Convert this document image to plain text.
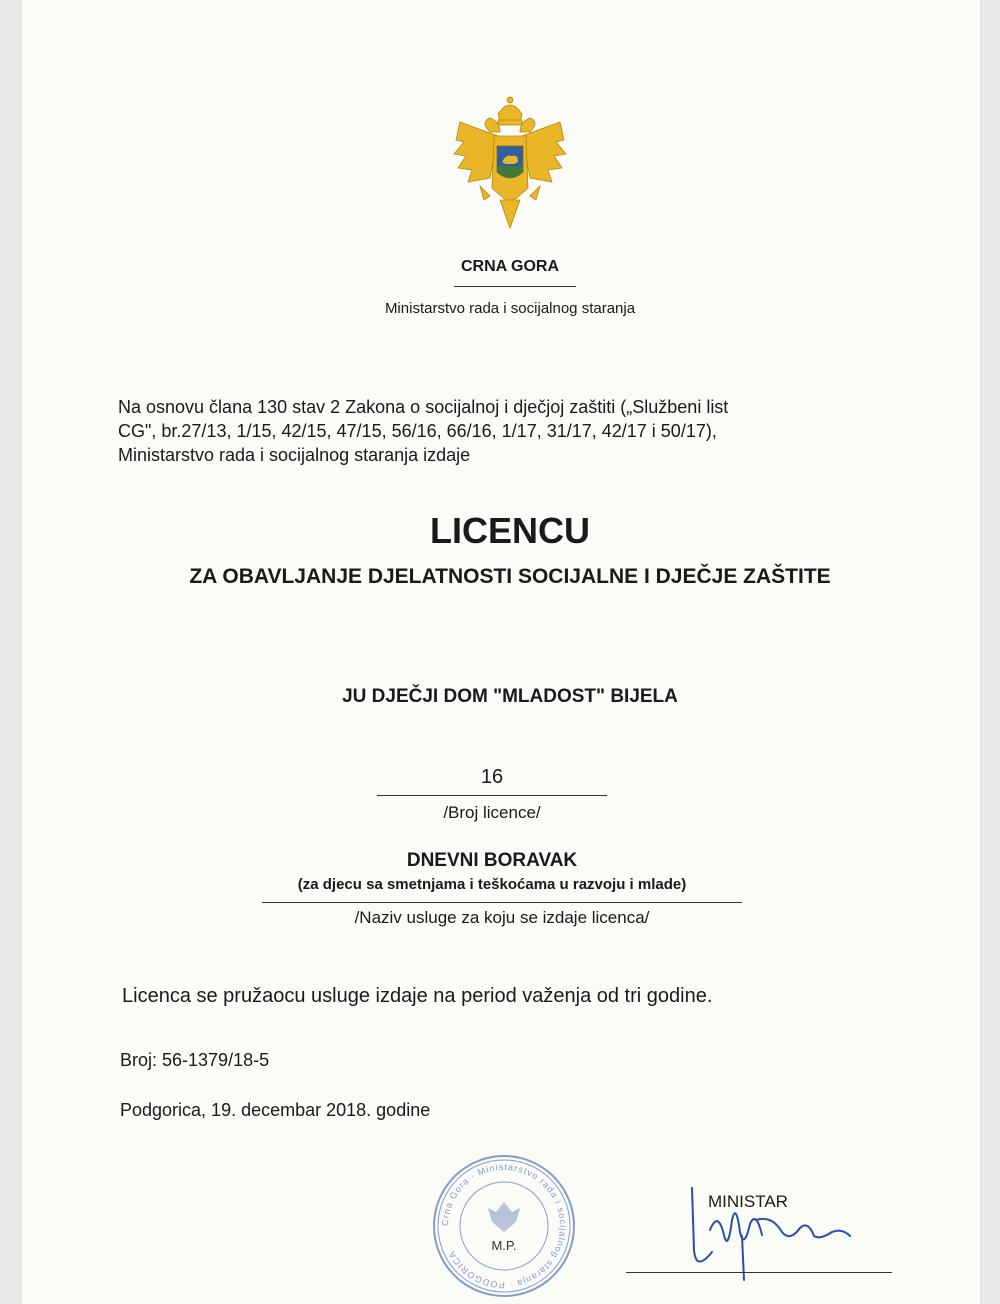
CRNA GORA
Ministarstvo rada i socijalnog staranja
Na osnovu člana 130 stav 2 Zakona o socijalnoj i dječjoj zaštiti („Službeni list
CG", br.27/13, 1/15, 42/15, 47/15, 56/16, 66/16, 1/17, 31/17, 42/17 i 50/17),
Ministarstvo rada i socijalnog staranja izdaje
LICENCU
ZA OBAVLJANJE DJELATNOSTI SOCIJALNE I DJEČJE ZAŠTITE
JU DJEČJI DOM "MLADOST" BIJELA
16
/Broj licence/
DNEVNI BORAVAK
(za djecu sa smetnjama i teškoćama u razvoju i mlade)
/Naziv usluge za koju se izdaje licenca/
Licenca se pružaocu usluge izdaje na period važenja od tri godine.
Broj: 56-1379/18-5
Podgorica, 19. decembar 2018. godine
Crna Gora · Ministarstvo rada i socijalnog staranja · PODGORICA
M.P.
MINISTAR
